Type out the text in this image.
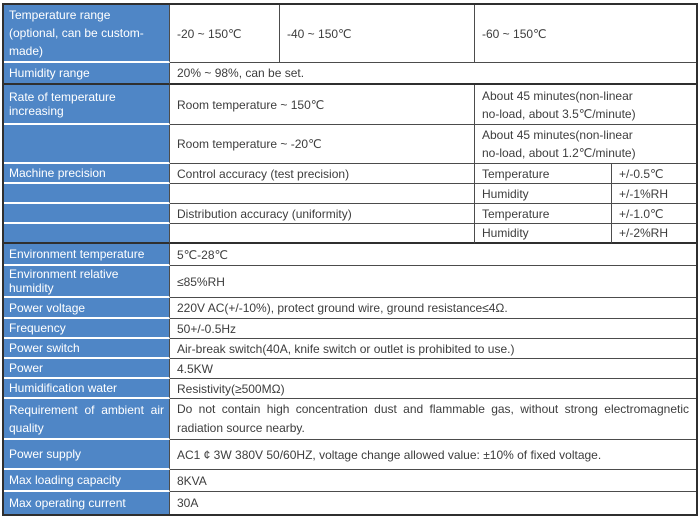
Temperature range
(optional, can be custom-made)	-20 ~ 150℃	-40 ~ 150℃	-60 ~ 150℃	
Humidity range	20% ~ 98%, can be set.			
Rate of temperature increasing	Room temperature ~ 150℃		About 45 minutes(non-linear
no-load, about 3.5℃/minute)	

	Room temperature ~ -20℃		About 45 minutes(non-linear
no-load, about 1.2℃/minute)	

Machine precision	Control accuracy (test precision)		Temperature	+/-0.5℃
			Humidity	+/-1%RH
	Distribution accuracy (uniformity)		Temperature	+/-1.0℃
			Humidity	+/-2%RH
Environment temperature	5℃-28℃			
Environment relative humidity	≤85%RH			
Power voltage	220V AC(+/-10%), protect ground wire, ground resistance≤4Ω.			
Frequency	50+/-0.5Hz			
Power switch	Air-break switch(40A, knife switch or outlet is prohibited to use.)			
Power	4.5KW			
Humidification water	Resistivity(≥500MΩ)			
Requirement of ambient air quality	Do not contain high concentration dust and flammable gas, without strong electromagnetic radiation source nearby.			
Power supply	AC1 ¢ 3W 380V 50/60HZ, voltage change allowed value: ±10% of fixed voltage.			
Max loading capacity	8KVA			
Max operating current	30A			
